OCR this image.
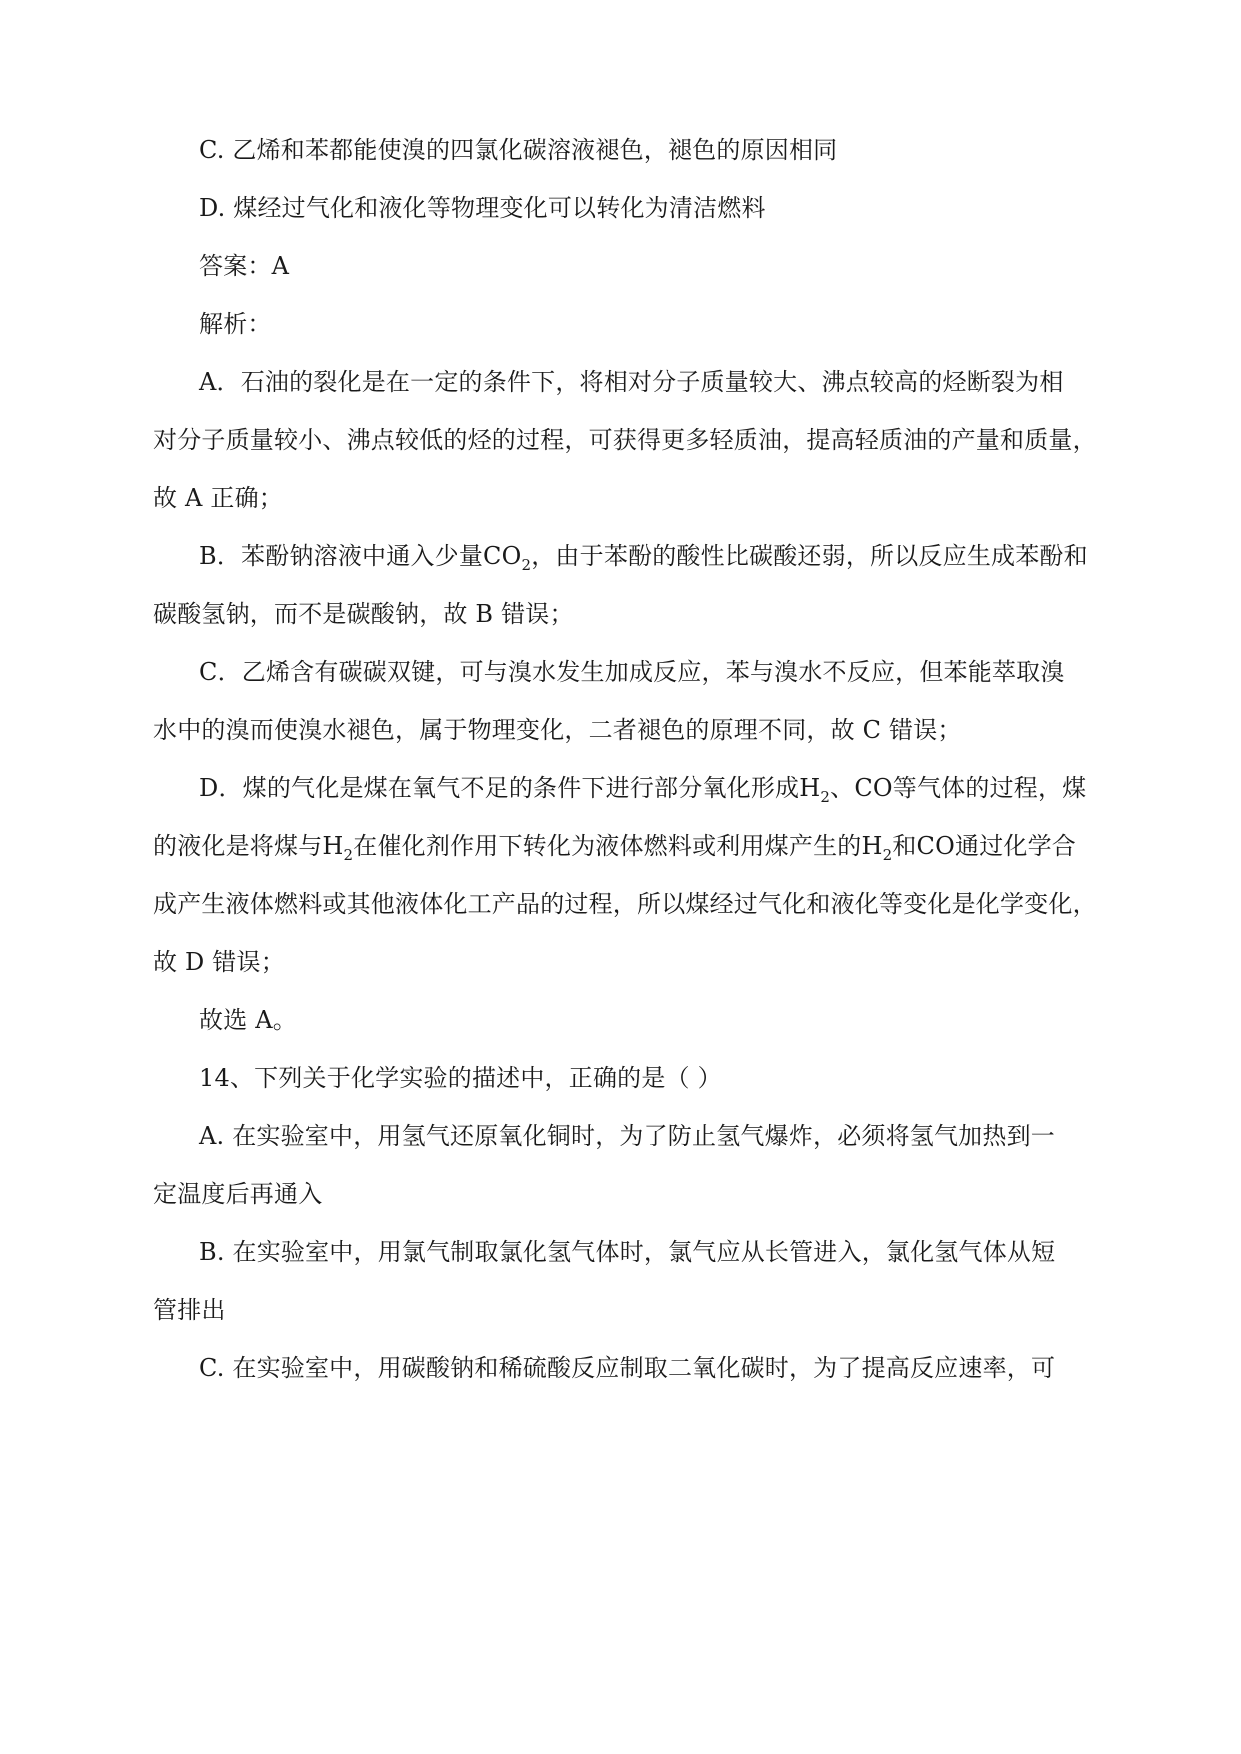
C. 乙烯和苯都能使溴的四氯化碳溶液褪色，褪色的原因相同
D. 煤经过气化和液化等物理变化可以转化为清洁燃料
答案：A
解析：
A．石油的裂化是在一定的条件下，将相对分子质量较大、沸点较高的烃断裂为相
对分子质量较小、沸点较低的烃的过程，可获得更多轻质油，提高轻质油的产量和质量，
故 A 正确；
B．苯酚钠溶液中通入少量$CO_2$，由于苯酚的酸性比碳酸还弱，所以反应生成苯酚和
碳酸氢钠，而不是碳酸钠，故 B 错误；
C．乙烯含有碳碳双键，可与溴水发生加成反应，苯与溴水不反应，但苯能萃取溴
水中的溴而使溴水褪色，属于物理变化，二者褪色的原理不同，故 C 错误；
D．煤的气化是煤在氧气不足的条件下进行部分氧化形成$H_2$、CO等气体的过程，煤
的液化是将煤与$H_2$在催化剂作用下转化为液体燃料或利用煤产生的$H_2$和CO通过化学合
成产生液体燃料或其他液体化工产品的过程，所以煤经过气化和液化等变化是化学变化，
故 D 错误；
故选 A。
14、下列关于化学实验的描述中，正确的是（ ）
A. 在实验室中，用氢气还原氧化铜时，为了防止氢气爆炸，必须将氢气加热到一
定温度后再通入
B. 在实验室中，用氯气制取氯化氢气体时，氯气应从长管进入，氯化氢气体从短
管排出
C. 在实验室中，用碳酸钠和稀硫酸反应制取二氧化碳时，为了提高反应速率，可
